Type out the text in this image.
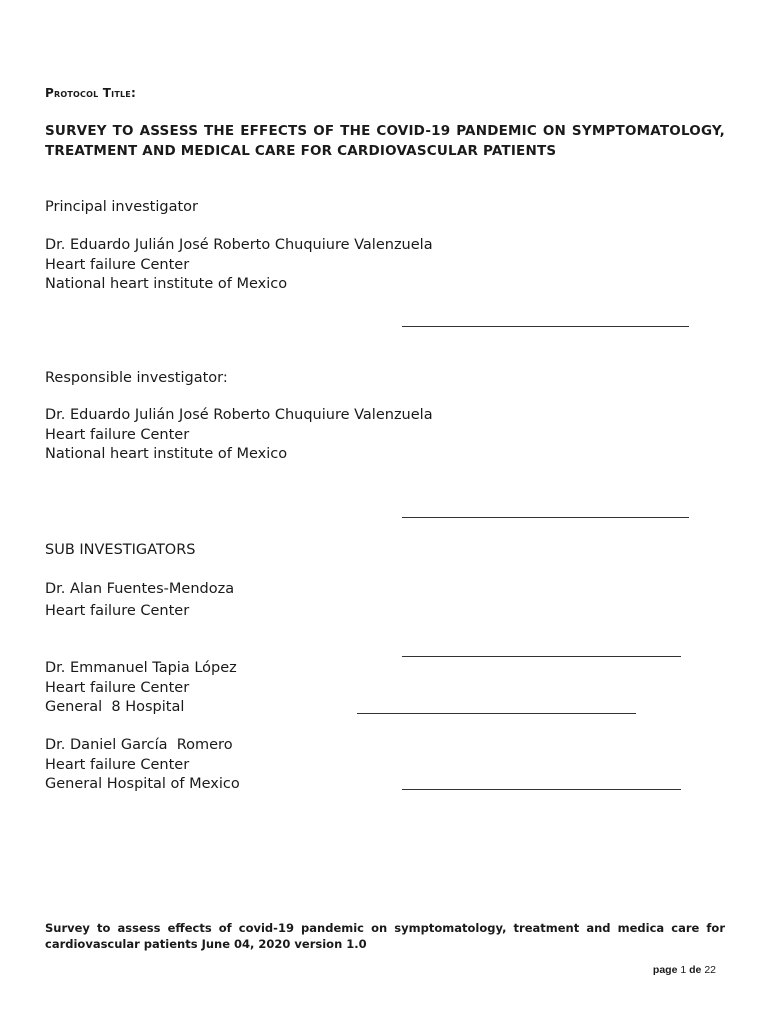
Protocol Title:
SURVEY TO ASSESS THE EFFECTS OF THE COVID-19 PANDEMIC ON SYMPTOMATOLOGY, TREATMENT AND MEDICAL CARE FOR CARDIOVASCULAR PATIENTS
Principal investigator
Dr. Eduardo Julián José Roberto Chuquiure Valenzuela
Heart failure Center
National heart institute of Mexico
Responsible investigator:
Dr. Eduardo Julián José Roberto Chuquiure Valenzuela
Heart failure Center
National heart institute of Mexico
SUB INVESTIGATORS
Dr. Alan Fuentes-Mendoza
Heart failure Center
Dr. Emmanuel Tapia López
Heart failure Center
General  8 Hospital
Dr. Daniel García  Romero
Heart failure Center
General Hospital of Mexico
Survey to assess effects of covid-19 pandemic on symptomatology, treatment and medica care for cardiovascular patients June 04, 2020 version 1.0
page 1 de 22
